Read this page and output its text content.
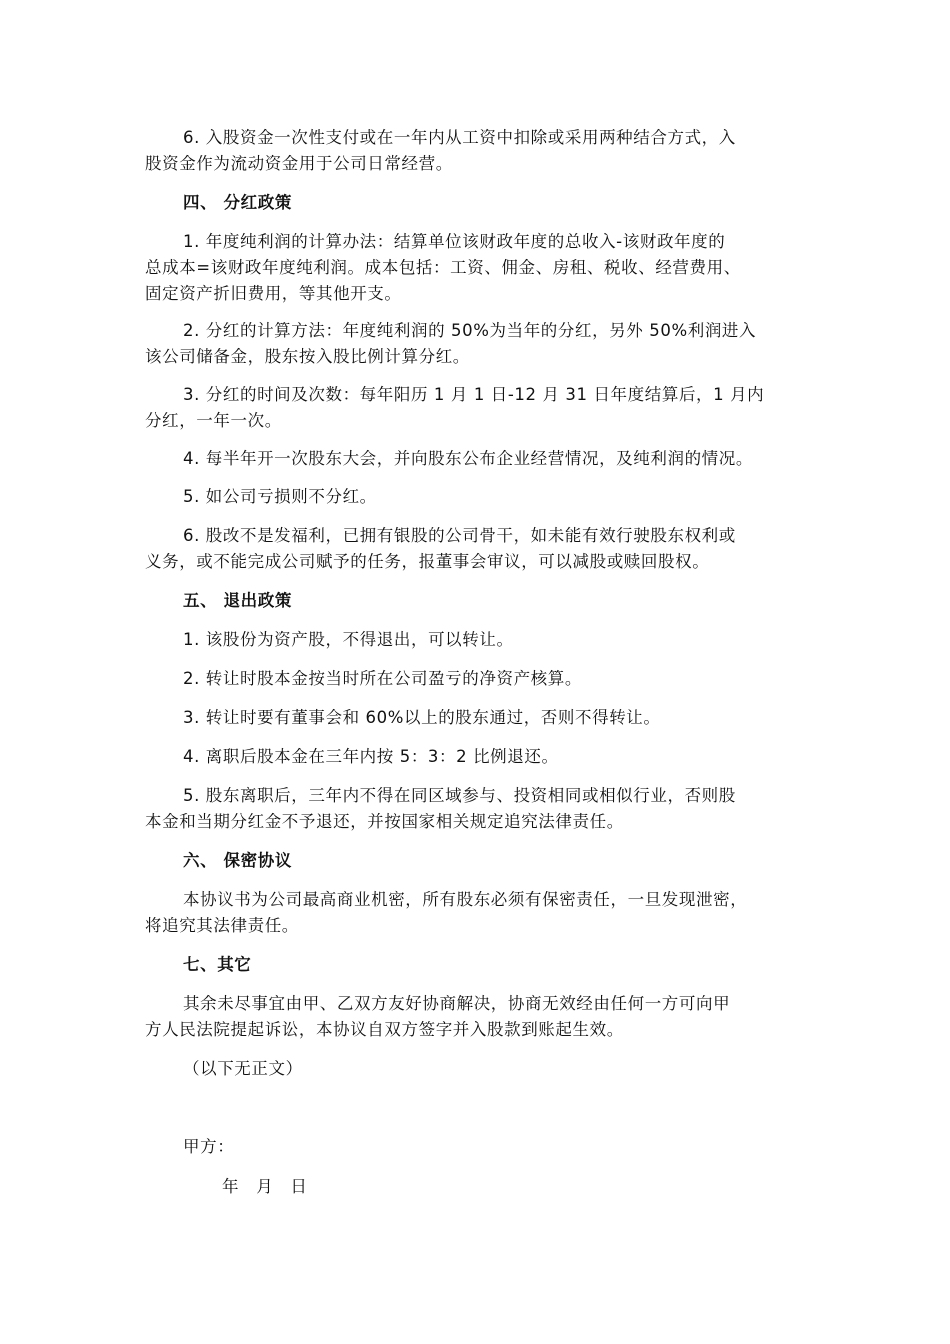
6. 入股资金一次性支付或在一年内从工资中扣除或采用两种结合方式，入
股资金作为流动资金用于公司日常经营。
四、 分红政策
1. 年度纯利润的计算办法：结算单位该财政年度的总收入-该财政年度的
总成本=该财政年度纯利润。成本包括：工资、佣金、房租、税收、经营费用、
固定资产折旧费用，等其他开支。
2. 分红的计算方法：年度纯利润的 50%为当年的分红，另外 50%利润进入
该公司储备金，股东按入股比例计算分红。
3. 分红的时间及次数：每年阳历 1 月 1 日-12 月 31 日年度结算后，1 月内
分红，一年一次。
4. 每半年开一次股东大会，并向股东公布企业经营情况，及纯利润的情况。
5. 如公司亏损则不分红。
6. 股改不是发福利，已拥有银股的公司骨干，如未能有效行驶股东权利或
义务，或不能完成公司赋予的任务，报董事会审议，可以减股或赎回股权。
五、 退出政策
1. 该股份为资产股，不得退出，可以转让。
2. 转让时股本金按当时所在公司盈亏的净资产核算。
3. 转让时要有董事会和 60%以上的股东通过，否则不得转让。
4. 离职后股本金在三年内按 5：3：2 比例退还。
5. 股东离职后，三年内不得在同区域参与、投资相同或相似行业，否则股
本金和当期分红金不予退还，并按国家相关规定追究法律责任。
六、 保密协议
本协议书为公司最高商业机密，所有股东必须有保密责任，一旦发现泄密，
将追究其法律责任。
七、其它
其余未尽事宜由甲、乙双方友好协商解决，协商无效经由任何一方可向甲
方人民法院提起诉讼，本协议自双方签字并入股款到账起生效。
（以下无正文）
甲方：
年　月　日
